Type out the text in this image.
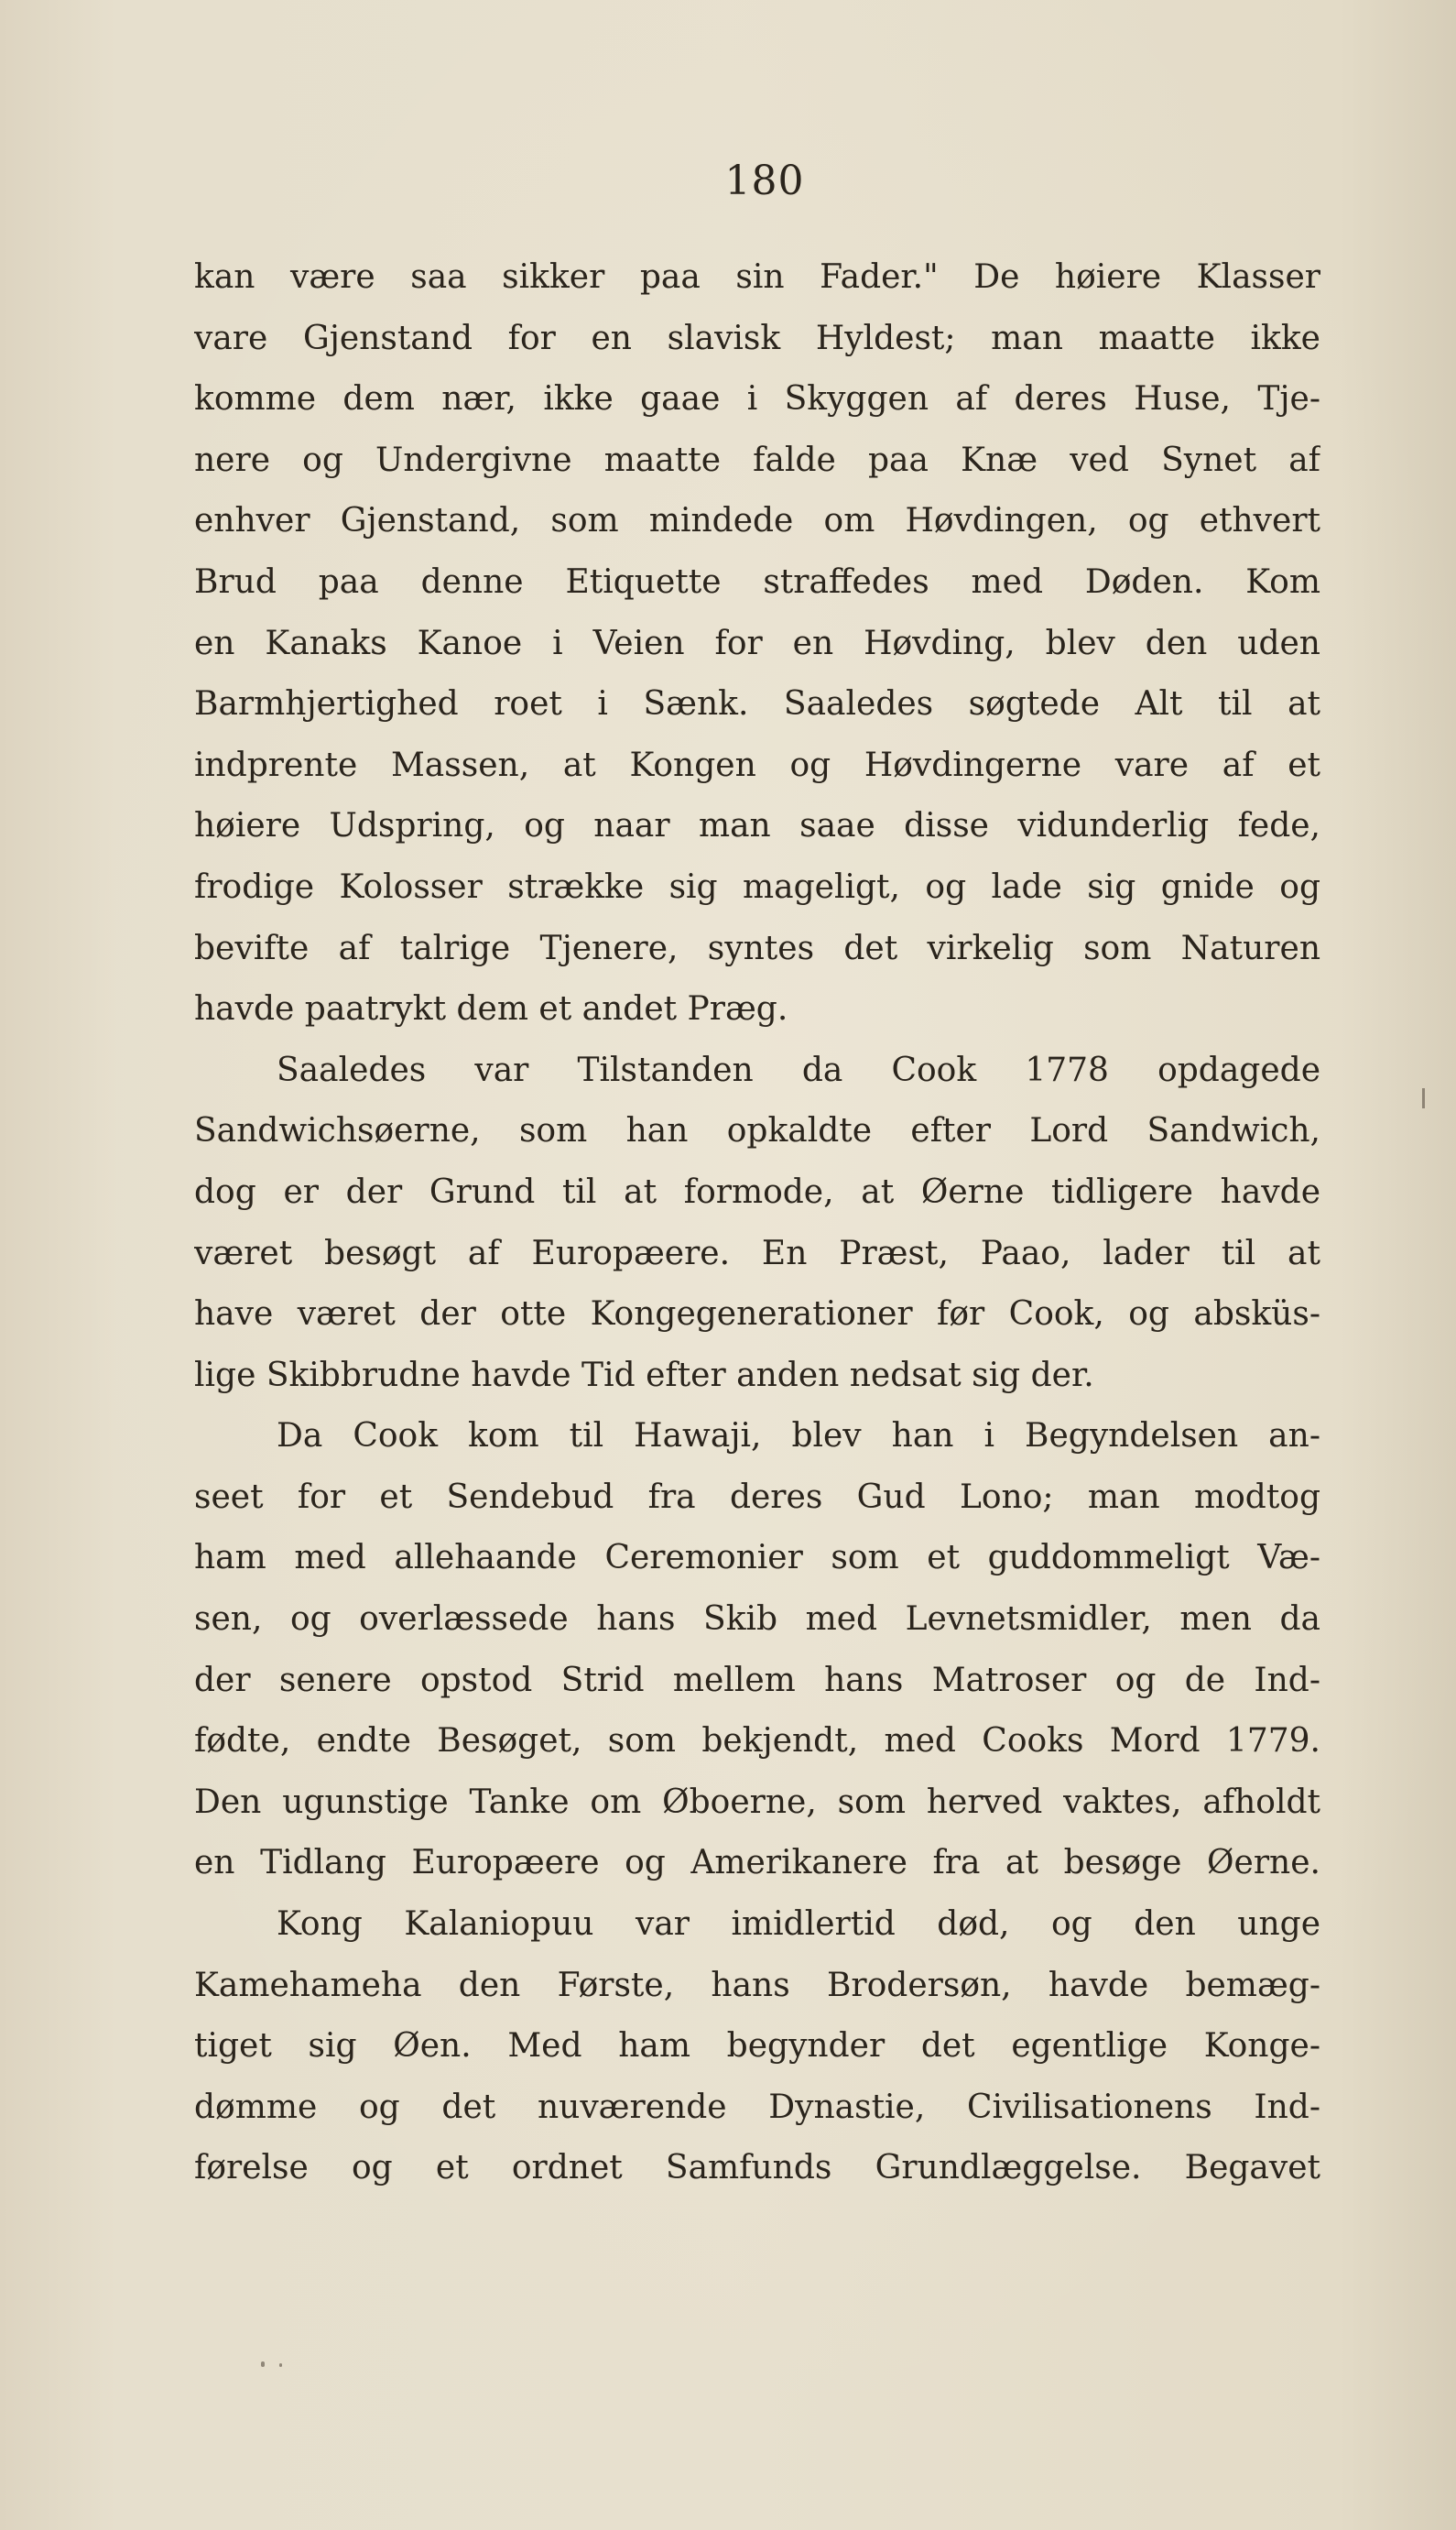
180
kan være saa sikker paa sin Fader." De høiere Klasser
vare Gjenstand for en slavisk Hyldest; man maatte ikke
komme dem nær, ikke gaae i Skyggen af deres Huse, Tje-
nere og Undergivne maatte falde paa Knæ ved Synet af
enhver Gjenstand, som mindede om Høvdingen, og ethvert
Brud paa denne Etiquette straffedes med Døden. Kom
en Kanaks Kanoe i Veien for en Høvding, blev den uden
Barmhjertighed roet i Sænk. Saaledes søgtede Alt til at
indprente Massen, at Kongen og Høvdingerne vare af et
høiere Udspring, og naar man saae disse vidunderlig fede,
frodige Kolosser strække sig mageligt, og lade sig gnide og
bevifte af talrige Tjenere, syntes det virkelig som Naturen
havde paatrykt dem et andet Præg.
Saaledes var Tilstanden da Cook 1778 opdagede
Sandwichsøerne, som han opkaldte efter Lord Sandwich,
dog er der Grund til at formode, at Øerne tidligere havde
været besøgt af Europæere. En Præst, Paao, lader til at
have været der otte Kongegenerationer før Cook, og absküs-
lige Skibbrudne havde Tid efter anden nedsat sig der.
Da Cook kom til Hawaji, blev han i Begyndelsen an-
seet for et Sendebud fra deres Gud Lono; man modtog
ham med allehaande Ceremonier som et guddommeligt Væ-
sen, og overlæssede hans Skib med Levnetsmidler, men da
der senere opstod Strid mellem hans Matroser og de Ind-
fødte, endte Besøget, som bekjendt, med Cooks Mord 1779.
Den ugunstige Tanke om Øboerne, som herved vaktes, afholdt
en Tidlang Europæere og Amerikanere fra at besøge Øerne.
Kong Kalaniopuu var imidlertid død, og den unge
Kamehameha den Første, hans Brodersøn, havde bemæg-
tiget sig Øen. Med ham begynder det egentlige Konge-
dømme og det nuværende Dynastie, Civilisationens Ind-
førelse og et ordnet Samfunds Grundlæggelse. Begavet
